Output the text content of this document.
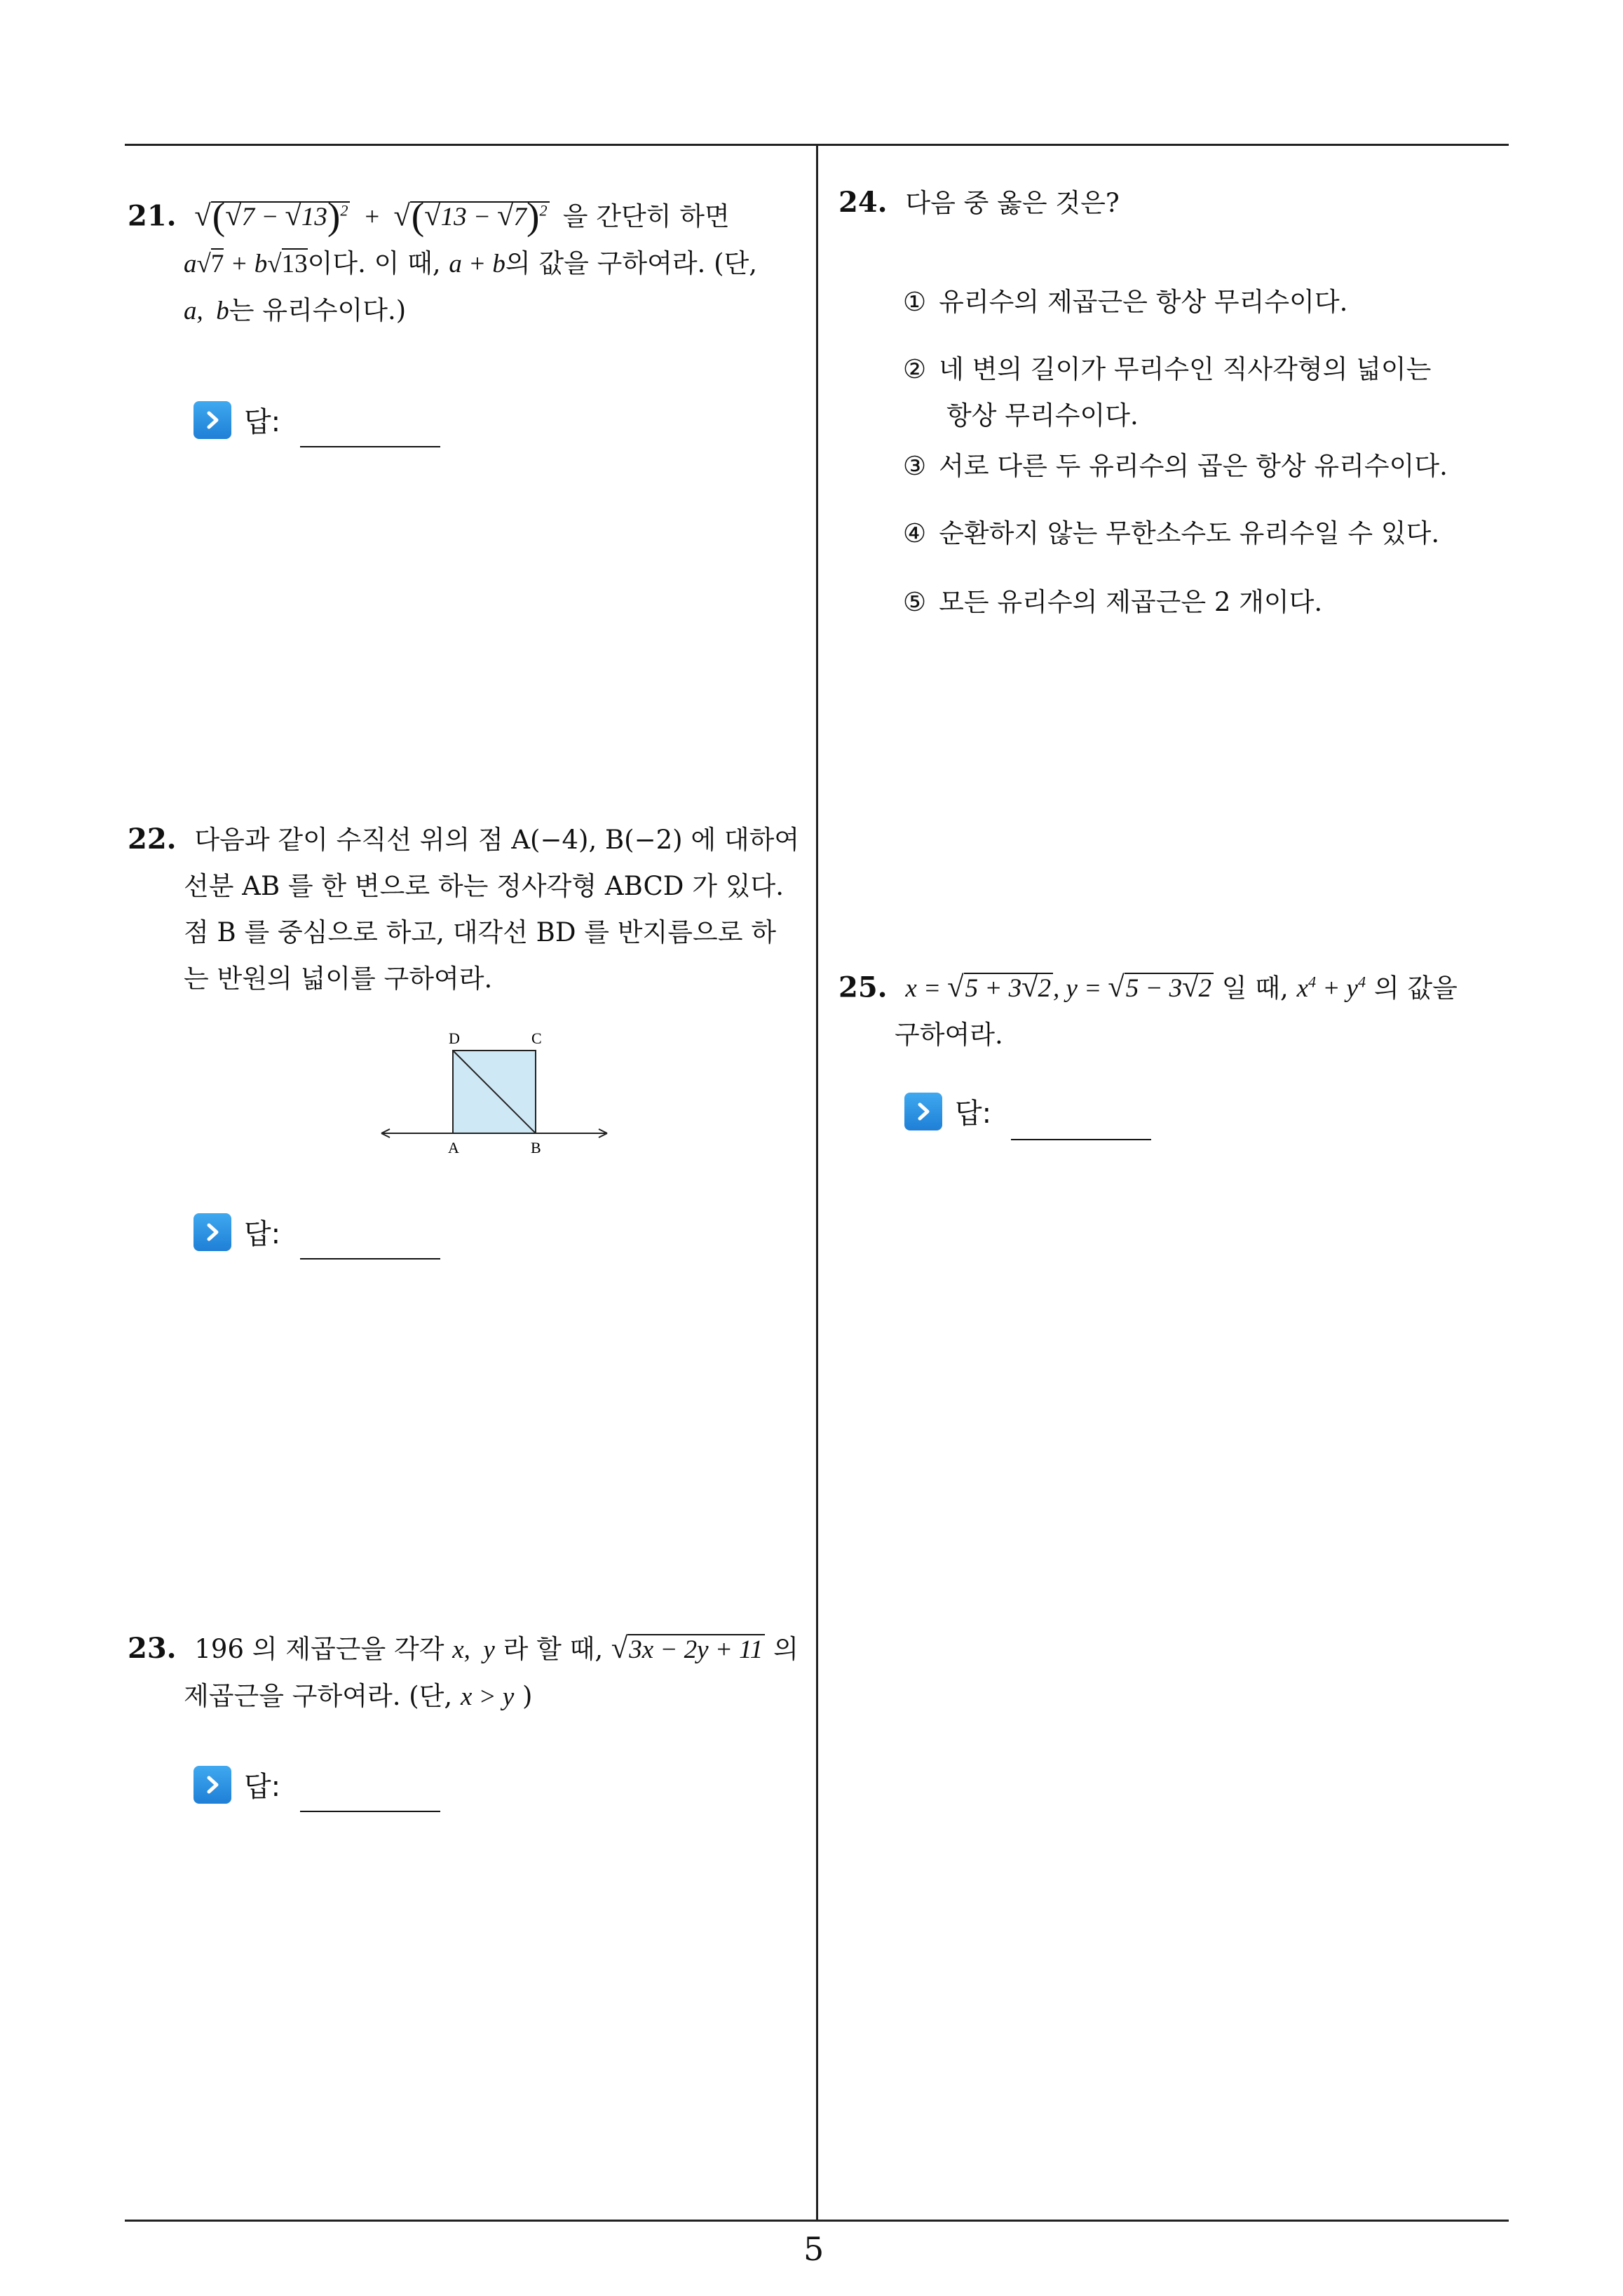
21. $√(√7 - √13)^2 + √(√13 - √7)^2$ 을 간단히 하면
a√7 + b√13이다. 이 때, a + b의 값을 구하여라. (단,
a,  b는 유리수이다.)
답:
22. 다음과 같이 수직선 위의 점 A(−4), B(−2) 에 대하여
선분 AB 를 한 변으로 하는 정사각형 ABCD 가 있다.
점 B 를 중심으로 하고, 대각선 BD 를 반지름으로 하
는 반원의 넓이를 구하여라.
D	C
A	B
답:
23. 196 의 제곱근을 각각 x,  y 라 할 때, √3x − 2y + 11 의
제곱근을 구하여라. (단, x > y )
답:
24. 다음 중 옳은 것은?
① 유리수의 제곱근은 항상 무리수이다.
② 네 변의 길이가 무리수인 직사각형의 넓이는
항상 무리수이다.
③ 서로 다른 두 유리수의 곱은 항상 유리수이다.
④ 순환하지 않는 무한소수도 유리수일 수 있다.
⑤ 모든 유리수의 제곱근은 2 개이다.
25. x = √5 + 3√2, y = √5 − 3√2 일 때, $x^4 + y^4$ 의 값을
구하여라.
답:
5
